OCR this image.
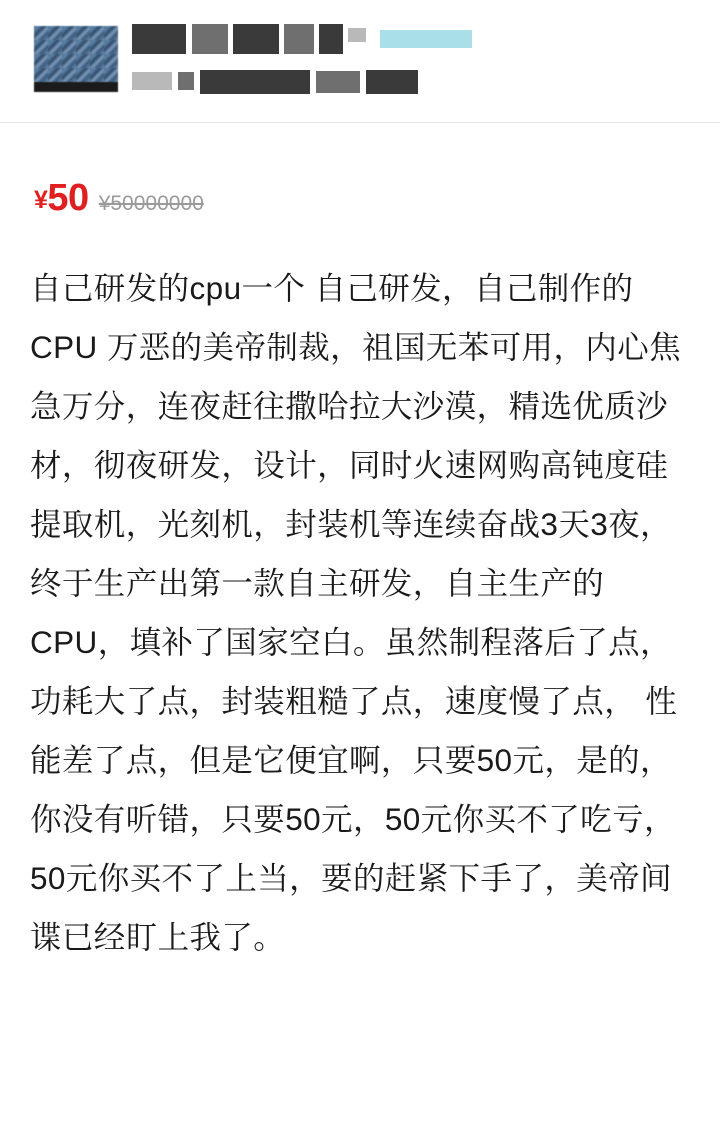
¥50 ¥50000000
自己研发的cpu一个 自己研发，自己制作的CPU 万恶的美帝制裁，祖国无苯可用，内心焦急万分，连夜赶往撒哈拉大沙漠，精选优质沙材，彻夜研发，设计，同时火速网购高钝度硅提取机，光刻机，封装机等连续奋战3天3夜，终于生产出第一款自主研发，自主生产的CPU，填补了国家空白。虽然制程落后了点，功耗大了点，封装粗糙了点，速度慢了点， 性能差了点，但是它便宜啊，只要50元，是的，你没有听错，只要50元，50元你买不了吃亏，50元你买不了上当，要的赶紧下手了，美帝间谍已经盯上我了。
